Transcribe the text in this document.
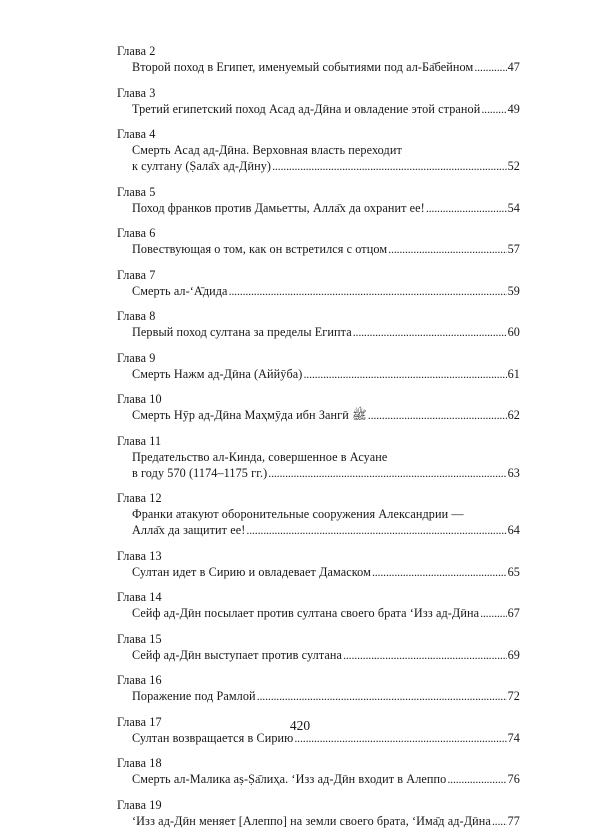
Глава 2
Второй поход в Египет, именуемый событиями под ал-Ба̄бейном . . .	47
Глава 3
Третий египетский поход Асад ад-Дӣна и овладение этой страной . . . 49
Глава 4
Смерть Асад ад-Дӣна. Верховная власть переходит
к султану (Ṣала̄х ад-Дӣну) . . .	52
Глава 5
Поход франков против Дамьетты, Алла̄х да охранит ее! . . .	54
Глава 6
Повествующая о том, как он встретился с отцом . . .	57
Глава 7
Смерть ал-ʻА̄дида . . .	59
Глава 8
Первый поход султана за пределы Египта . . .	60
Глава 9
Смерть Нажм ад-Дӣна (Аййӯба) . . .	61
Глава 10
Смерть Нӯр ад-Дӣна Маҳмӯда ибн Зангӣ ﷺ . . .	62
Глава 11
Предательство ал-Кинда, совершенное в Асуане
в году 570 (1174–1175 гг.) . . .	63
Глава 12
Франки атакуют оборонительные сооружения Александрии —
Алла̄х да защитит ее! . . .	64
Глава 13
Султан идет в Сирию и овладевает Дамаском . . .	65
Глава 14
Сейф ад-Дӣн посылает против султана своего брата ʻИзз ад-Дӣна . . . 67
Глава 15
Сейф ад-Дӣн выступает против султана . . .	69
Глава 16
Поражение под Рамлой . . .	72
Глава 17
Султан возвращается в Сирию . . .	74
Глава 18
Смерть ал-Малика аṣ-Ṣа̄лиҳа. ʻИзз ад-Дӣн входит в Алеппо . . .	76
Глава 19
ʻИзз ад-Дӣн меняет [Алеппо] на земли своего брата, ʻИма̄д ад-Дӣна . . . 77
420
